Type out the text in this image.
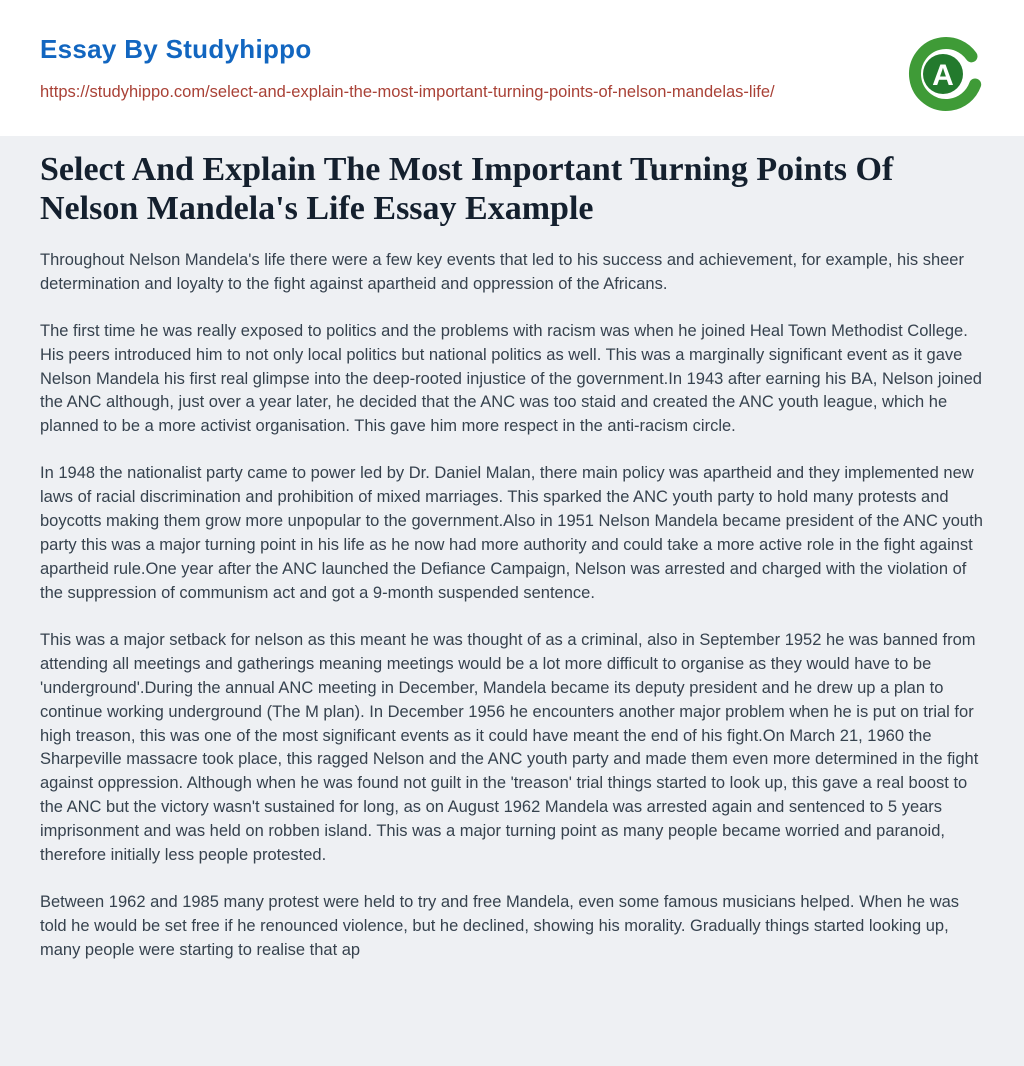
Essay By Studyhippo
https://studyhippo.com/select-and-explain-the-most-important-turning-points-of-nelson-mandelas-life/	A
Select And Explain The Most Important Turning Points Of Nelson Mandela's Life Essay Example

Throughout Nelson Mandela's life there were a few key events that led to his success and achievement, for example, his sheer determination and loyalty to the fight against apartheid and oppression of the Africans.

The first time he was really exposed to politics and the problems with racism was when he joined Heal Town Methodist College. His peers introduced him to not only local politics but national politics as well. This was a marginally significant event as it gave Nelson Mandela his first real glimpse into the deep-rooted injustice of the government.In 1943 after earning his BA, Nelson joined the ANC although, just over a year later, he decided that the ANC was too staid and created the ANC youth league, which he planned to be a more activist organisation. This gave him more respect in the anti-racism circle.

In 1948 the nationalist party came to power led by Dr. Daniel Malan, there main policy was apartheid and they implemented new laws of racial discrimination and prohibition of mixed marriages. This sparked the ANC youth party to hold many protests and boycotts making them grow more unpopular to the government.Also in 1951 Nelson Mandela became president of the ANC youth party this was a major turning point in his life as he now had more authority and could take a more active role in the fight against apartheid rule.One year after the ANC launched the Defiance Campaign, Nelson was arrested and charged with the violation of the suppression of communism act and got a 9-month suspended sentence.

This was a major setback for nelson as this meant he was thought of as a criminal, also in September 1952 he was banned from attending all meetings and gatherings meaning meetings would be a lot more difficult to organise as they would have to be 'underground'.During the annual ANC meeting in December, Mandela became its deputy president and he drew up a plan to continue working underground (The M plan). In December 1956 he encounters another major problem when he is put on trial for high treason, this was one of the most significant events as it could have meant the end of his fight.On March 21, 1960 the Sharpeville massacre took place, this ragged Nelson and the ANC youth party and made them even more determined in the fight against oppression. Although when he was found not guilt in the 'treason' trial things started to look up, this gave a real boost to the ANC but the victory wasn't sustained for long, as on August 1962 Mandela was arrested again and sentenced to 5 years imprisonment and was held on robben island. This was a major turning point as many people became worried and paranoid, therefore initially less people protested.

Between 1962 and 1985 many protest were held to try and free Mandela, even some famous musicians helped. When he was told he would be set free if he renounced violence, but he declined, showing his morality. Gradually things started looking up, many people were starting to realise that ap
